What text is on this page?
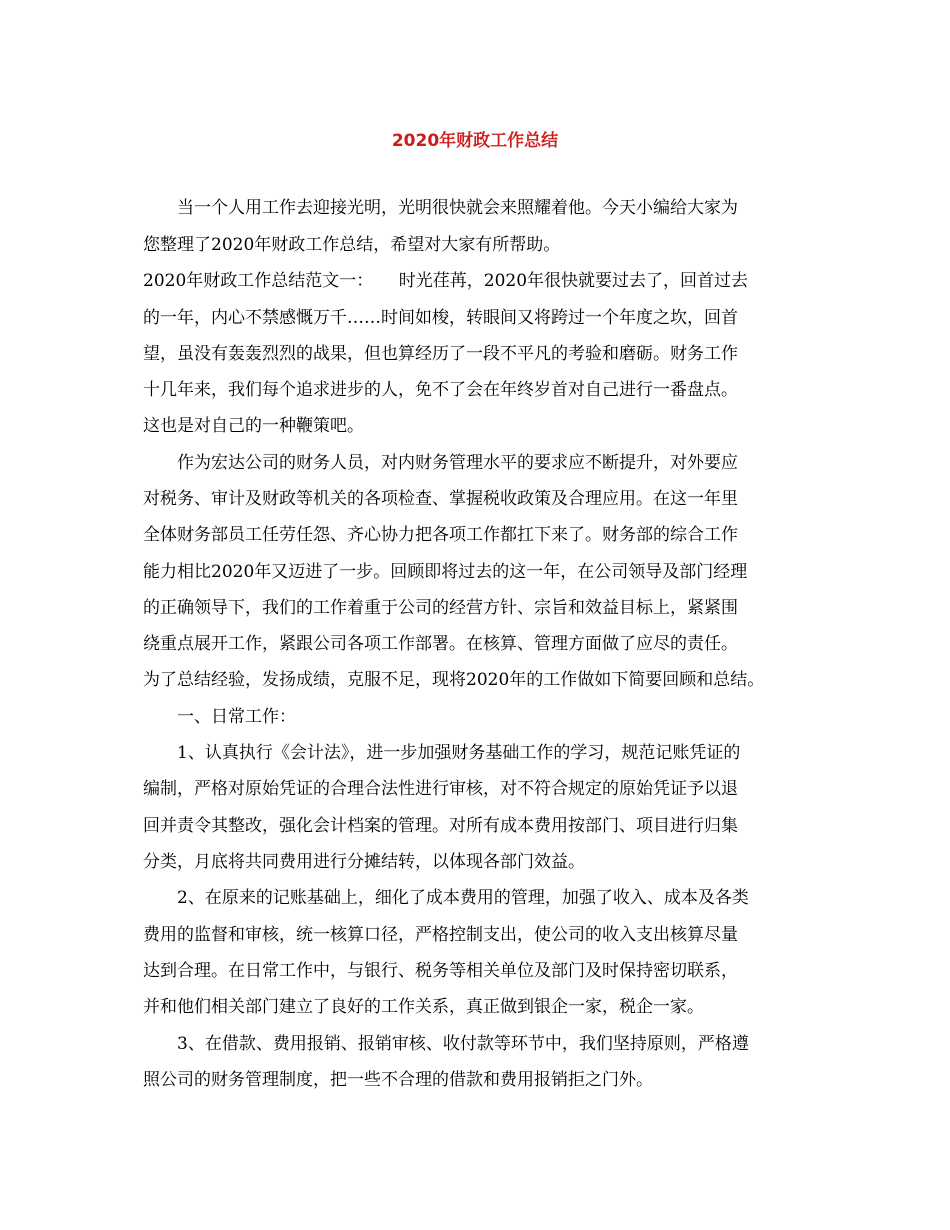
2020年财政工作总结
　　当一个人用工作去迎接光明，光明很快就会来照耀着他。今天小编给大家为
您整理了2020年财政工作总结，希望对大家有所帮助。
2020年财政工作总结范文一：　　时光荏苒，2020年很快就要过去了，回首过去
的一年，内心不禁感慨万千……时间如梭，转眼间又将跨过一个年度之坎，回首
望，虽没有轰轰烈烈的战果，但也算经历了一段不平凡的考验和磨砺。财务工作
十几年来，我们每个追求进步的人，免不了会在年终岁首对自己进行一番盘点。
这也是对自己的一种鞭策吧。
　　作为宏达公司的财务人员，对内财务管理水平的要求应不断提升，对外要应
对税务、审计及财政等机关的各项检查、掌握税收政策及合理应用。在这一年里
全体财务部员工任劳任怨、齐心协力把各项工作都扛下来了。财务部的综合工作
能力相比2020年又迈进了一步。回顾即将过去的这一年，在公司领导及部门经理
的正确领导下，我们的工作着重于公司的经营方针、宗旨和效益目标上，紧紧围
绕重点展开工作，紧跟公司各项工作部署。在核算、管理方面做了应尽的责任。
为了总结经验，发扬成绩，克服不足，现将2020年的工作做如下简要回顾和总结。
　　一、日常工作：
　　1、认真执行《会计法》，进一步加强财务基础工作的学习，规范记账凭证的
编制，严格对原始凭证的合理合法性进行审核，对不符合规定的原始凭证予以退
回并责令其整改，强化会计档案的管理。对所有成本费用按部门、项目进行归集
分类，月底将共同费用进行分摊结转，以体现各部门效益。
　　2、在原来的记账基础上，细化了成本费用的管理，加强了收入、成本及各类
费用的监督和审核，统一核算口径，严格控制支出，使公司的收入支出核算尽量
达到合理。在日常工作中，与银行、税务等相关单位及部门及时保持密切联系，
并和他们相关部门建立了良好的工作关系，真正做到银企一家，税企一家。
　　3、在借款、费用报销、报销审核、收付款等环节中，我们坚持原则，严格遵
照公司的财务管理制度，把一些不合理的借款和费用报销拒之门外。
